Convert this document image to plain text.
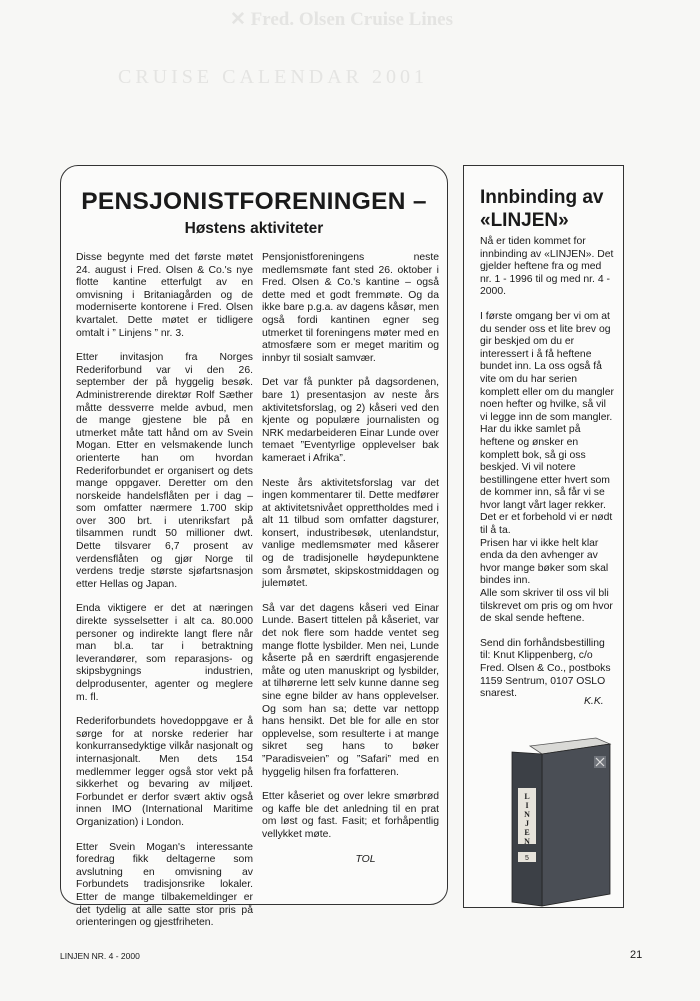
✕ Fred. Olsen Cruise Lines
CRUISE CALENDAR 2001
PENSJONISTFORENINGEN –
Høstens aktiviteter

Disse begynte med det første møtet 24. august i Fred. Olsen & Co.'s nye flotte kantine etterfulgt av en omvisning i Britaniagården og de moderniserte kontorene i Fred. Olsen kvartalet. Dette møtet er tidligere omtalt i ” Linjens ” nr. 3.

Etter invitasjon fra Norges Rederiforbund var vi den 26. september der på hyggelig besøk. Administrerende direktør Rolf Sæther måtte dessverre melde avbud, men de mange gjestene ble på en utmerket måte tatt hånd om av Svein Mogan. Etter en velsmakende lunch orienterte han om hvordan Rederiforbundet er organisert og dets mange oppgaver. Deretter om den norskeide handelsflåten per i dag – som omfatter nærmere 1.700 skip over 300 brt. i utenriksfart på tilsammen rundt 50 millioner dwt. Dette tilsvarer 6,7 prosent av verdensflåten og gjør Norge til verdens tredje største sjøfartsnasjon etter Hellas og Japan.

Enda viktigere er det at næringen direkte sysselsetter i alt ca. 80.000 personer og indirekte langt flere når man bl.a. tar i betraktning leverandører, som reparasjons- og skipsbygnings industrien, delprodusenter, agenter og meglere m. fl.

Rederiforbundets hovedoppgave er å sørge for at norske rederier har konkurransedyktige vilkår nasjonalt og internasjonalt. Men dets 154 medlemmer legger også stor vekt på sikkerhet og bevaring av miljøet. Forbundet er derfor svært aktiv også innen IMO (International Maritime Organization) i London.

Etter Svein Mogan's interessante foredrag fikk deltagerne som avslutning en omvisning av Forbundets tradisjonsrike lokaler. Etter de mange tilbakemeldinger er det tydelig at alle satte stor pris på orienteringen og gjestfriheten.

Pensjonistforeningens neste medlemsmøte fant sted 26. oktober i Fred. Olsen & Co.'s kantine – også dette med et godt fremmøte. Og da ikke bare p.g.a. av dagens kåsør, men også fordi kantinen egner seg utmerket til foreningens møter med en atmosfære som er meget maritim og innbyr til sosialt samvær.

Det var få punkter på dagsordenen, bare 1) presentasjon av neste års aktivitetsforslag, og 2) kåseri ved den kjente og populære journalisten og NRK medarbeideren Einar Lunde over temaet ”Eventyrlige opplevelser bak kameraet i Afrika”.

Neste års aktivitetsforslag var det ingen kommentarer til. Dette medfører at aktivitetsnivået opprettholdes med i alt 11 tilbud som omfatter dagsturer, konsert, industribesøk, utenlandstur, vanlige medlemsmøter med kåserer og de tradisjonelle høydepunktene som årsmøtet, skipskostmiddagen og julemøtet.

Så var det dagens kåseri ved Einar Lunde. Basert tittelen på kåseriet, var det nok flere som hadde ventet seg mange flotte lysbilder. Men nei, Lunde kåserte på en særdrift engasjerende måte og uten manuskript og lysbilder, at tilhørerne lett selv kunne danne seg sine egne bilder av hans opplevelser. Og som han sa; dette var nettopp hans hensikt. Det ble for alle en stor opplevelse, som resulterte i at mange sikret seg hans to bøker ”Paradisveien” og ”Safari” med en hyggelig hilsen fra forfatteren.

Etter kåseriet og over lekre smørbrød og kaffe ble det anledning til en prat om løst og fast. Fasit; et forhåpentlig vellykket møte.

TOL
Innbinding av
«LINJEN»

Nå er tiden kommet for innbinding av «LINJEN». Det gjelder heftene fra og med nr. 1 - 1996 til og med nr. 4 - 2000.

I første omgang ber vi om at du sender oss et lite brev og gir beskjed om du er interessert i å få heftene bundet inn. La oss også få vite om du har serien komplett eller om du mangler noen hefter og hvilke, så vil vi legge inn de som mangler.

Har du ikke samlet på heftene og ønsker en komplett bok, så gi oss beskjed. Vi vil notere bestillingene etter hvert som de kommer inn, så får vi se hvor langt vårt lager rekker.

Det er et forbehold vi er nødt til å ta.

Prisen har vi ikke helt klar enda da den avhenger av hvor mange bøker som skal bindes inn.

Alle som skriver til oss vil bli tilskrevet om pris og om hvor de skal sende heftene.

Send din forhåndsbestilling til: Knut Klippenberg, c/o Fred. Olsen & Co., postboks 1159 Sentrum, 0107 OSLO snarest.

K.K.
L
I
N
J
E
N
5
LINJEN NR. 4 - 2000	21
